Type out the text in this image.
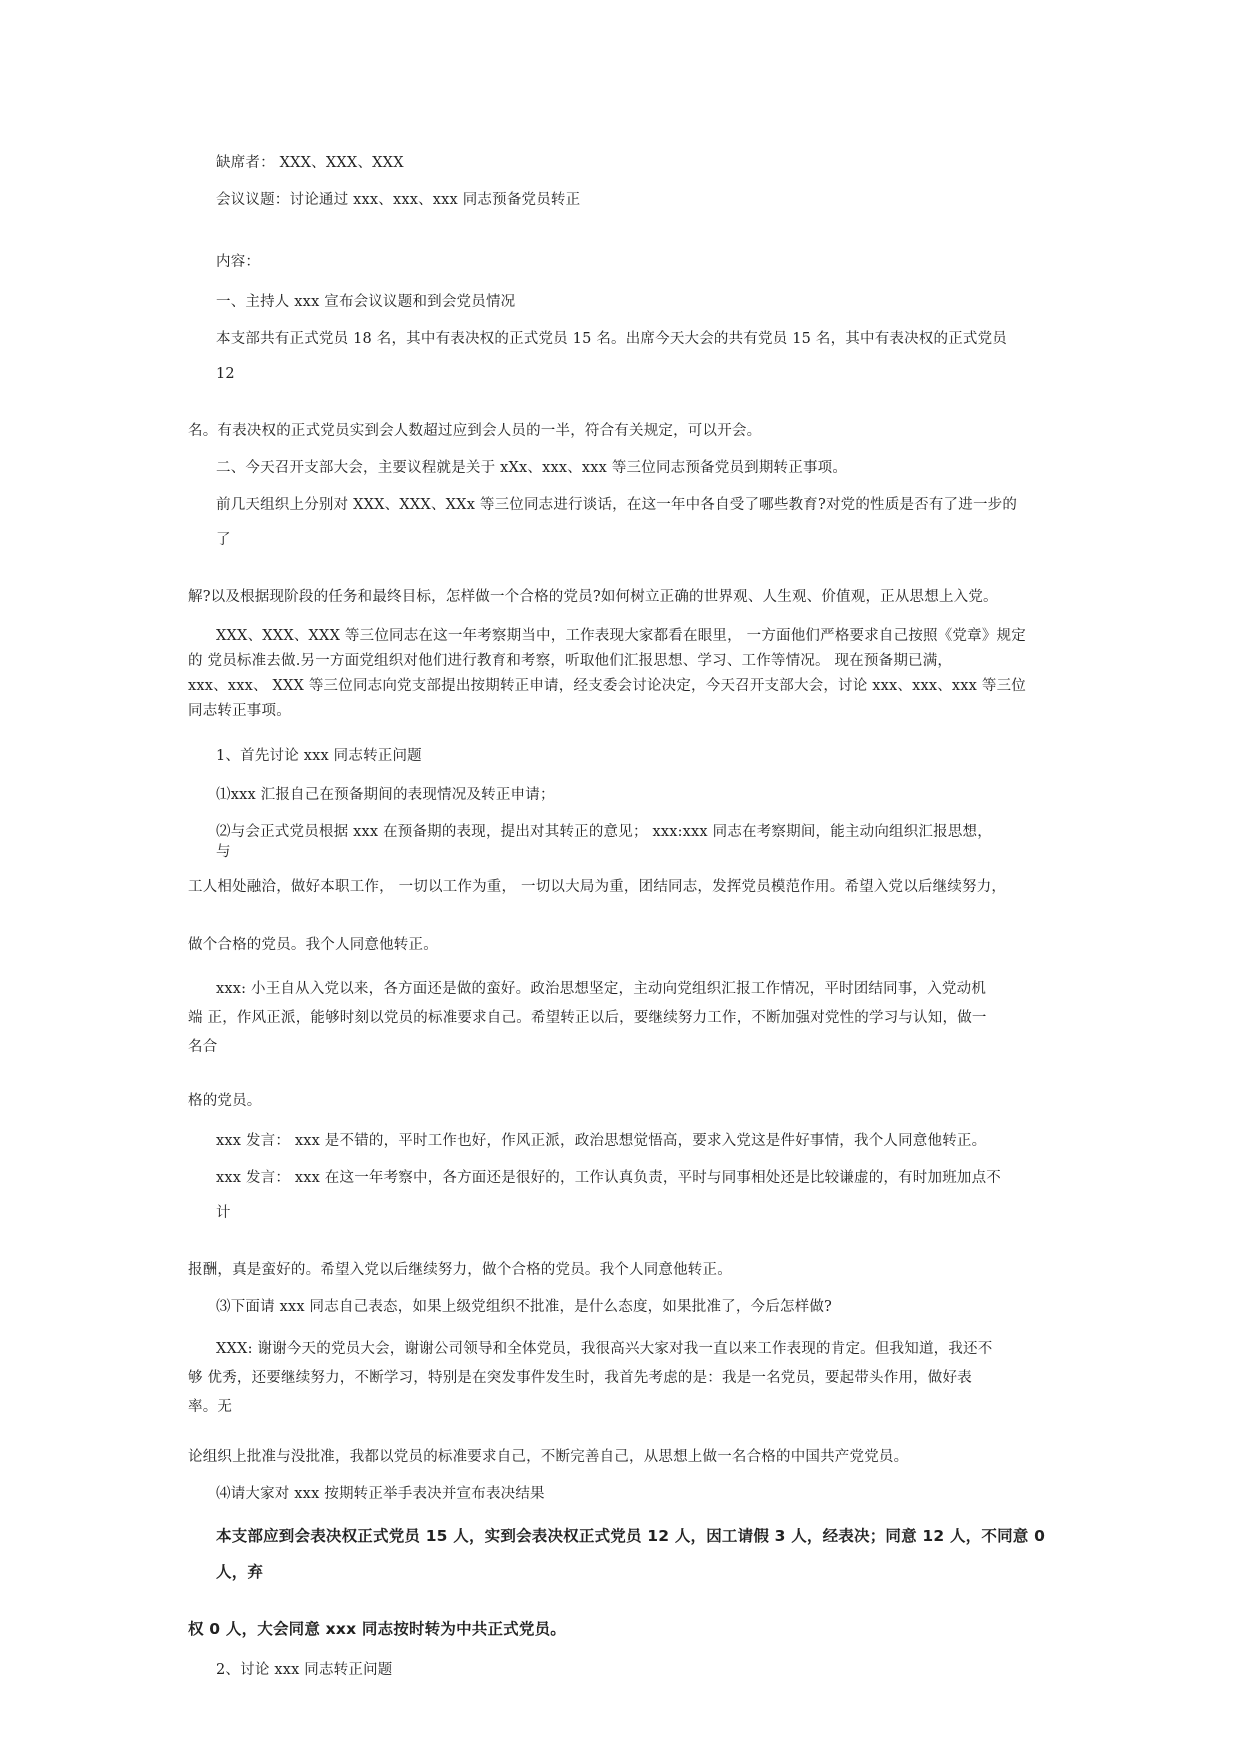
缺席者： XXX、XXX、XXX
会议议题：讨论通过 xxx、xxx、xxx 同志预备党员转正
内容：
一、主持人 xxx 宣布会议议题和到会党员情况
本支部共有正式党员 18 名，其中有表决权的正式党员 15 名。出席今天大会的共有党员 15 名，其中有表决权的正式党员
12
名。有表决权的正式党员实到会人数超过应到会人员的一半，符合有关规定，可以开会。
二、今天召开支部大会，主要议程就是关于 xXx、xxx、xxx 等三位同志预备党员到期转正事项。
前几天组织上分别对 XXX、XXX、XXx 等三位同志进行谈话，在这一年中各自受了哪些教育?对党的性质是否有了进一步的
了
解?以及根据现阶段的任务和最终目标，怎样做一个合格的党员?如何树立正确的世界观、人生观、价值观，正从思想上入党。
XXX、XXX、XXX 等三位同志在这一年考察期当中，工作表现大家都看在眼里， 一方面他们严格要求自己按照《党章》规定
的 党员标准去做.另一方面党组织对他们进行教育和考察，听取他们汇报思想、学习、工作等情况。 现在预备期已满，
xxx、xxx、 XXX 等三位同志向党支部提出按期转正申请，经支委会讨论决定，今天召开支部大会，讨论 xxx、xxx、xxx 等三位
同志转正事项。
1、首先讨论 xxx 同志转正问题
⑴xxx 汇报自己在预备期间的表现情况及转正申请；
⑵与会正式党员根据 xxx 在预备期的表现，提出对其转正的意见； xxx:xxx 同志在考察期间，能主动向组织汇报思想，
与
工人相处融洽，做好本职工作， 一切以工作为重， 一切以大局为重，团结同志，发挥党员模范作用。希望入党以后继续努力，
做个合格的党员。我个人同意他转正。
xxx: 小王自从入党以来，各方面还是做的蛮好。政治思想坚定，主动向党组织汇报工作情况，平时团结同事，入党动机
端 正，作风正派，能够时刻以党员的标准要求自己。希望转正以后，要继续努力工作，不断加强对党性的学习与认知，做一
名合
格的党员。
xxx 发言： xxx 是不错的，平时工作也好，作风正派，政治思想觉悟高，要求入党这是件好事情，我个人同意他转正。
xxx 发言： xxx 在这一年考察中，各方面还是很好的，工作认真负责，平时与同事相处还是比较谦虚的，有时加班加点不
计
报酬，真是蛮好的。希望入党以后继续努力，做个合格的党员。我个人同意他转正。
⑶下面请 xxx 同志自己表态，如果上级党组织不批准，是什么态度，如果批准了，今后怎样做?
XXX: 谢谢今天的党员大会，谢谢公司领导和全体党员，我很高兴大家对我一直以来工作表现的肯定。但我知道，我还不
够 优秀，还要继续努力，不断学习，特别是在突发事件发生时，我首先考虑的是：我是一名党员，要起带头作用，做好表
率。无
论组织上批准与没批准，我都以党员的标准要求自己，不断完善自己，从思想上做一名合格的中国共产党党员。
⑷请大家对 xxx 按期转正举手表决并宣布表决结果
本支部应到会表决权正式党员 15 人，实到会表决权正式党员 12 人，因工请假 3 人，经表决；同意 12 人，不同意 0
人，弃
权 0 人，大会同意 xxx 同志按时转为中共正式党员。
2、讨论 xxx 同志转正问题
